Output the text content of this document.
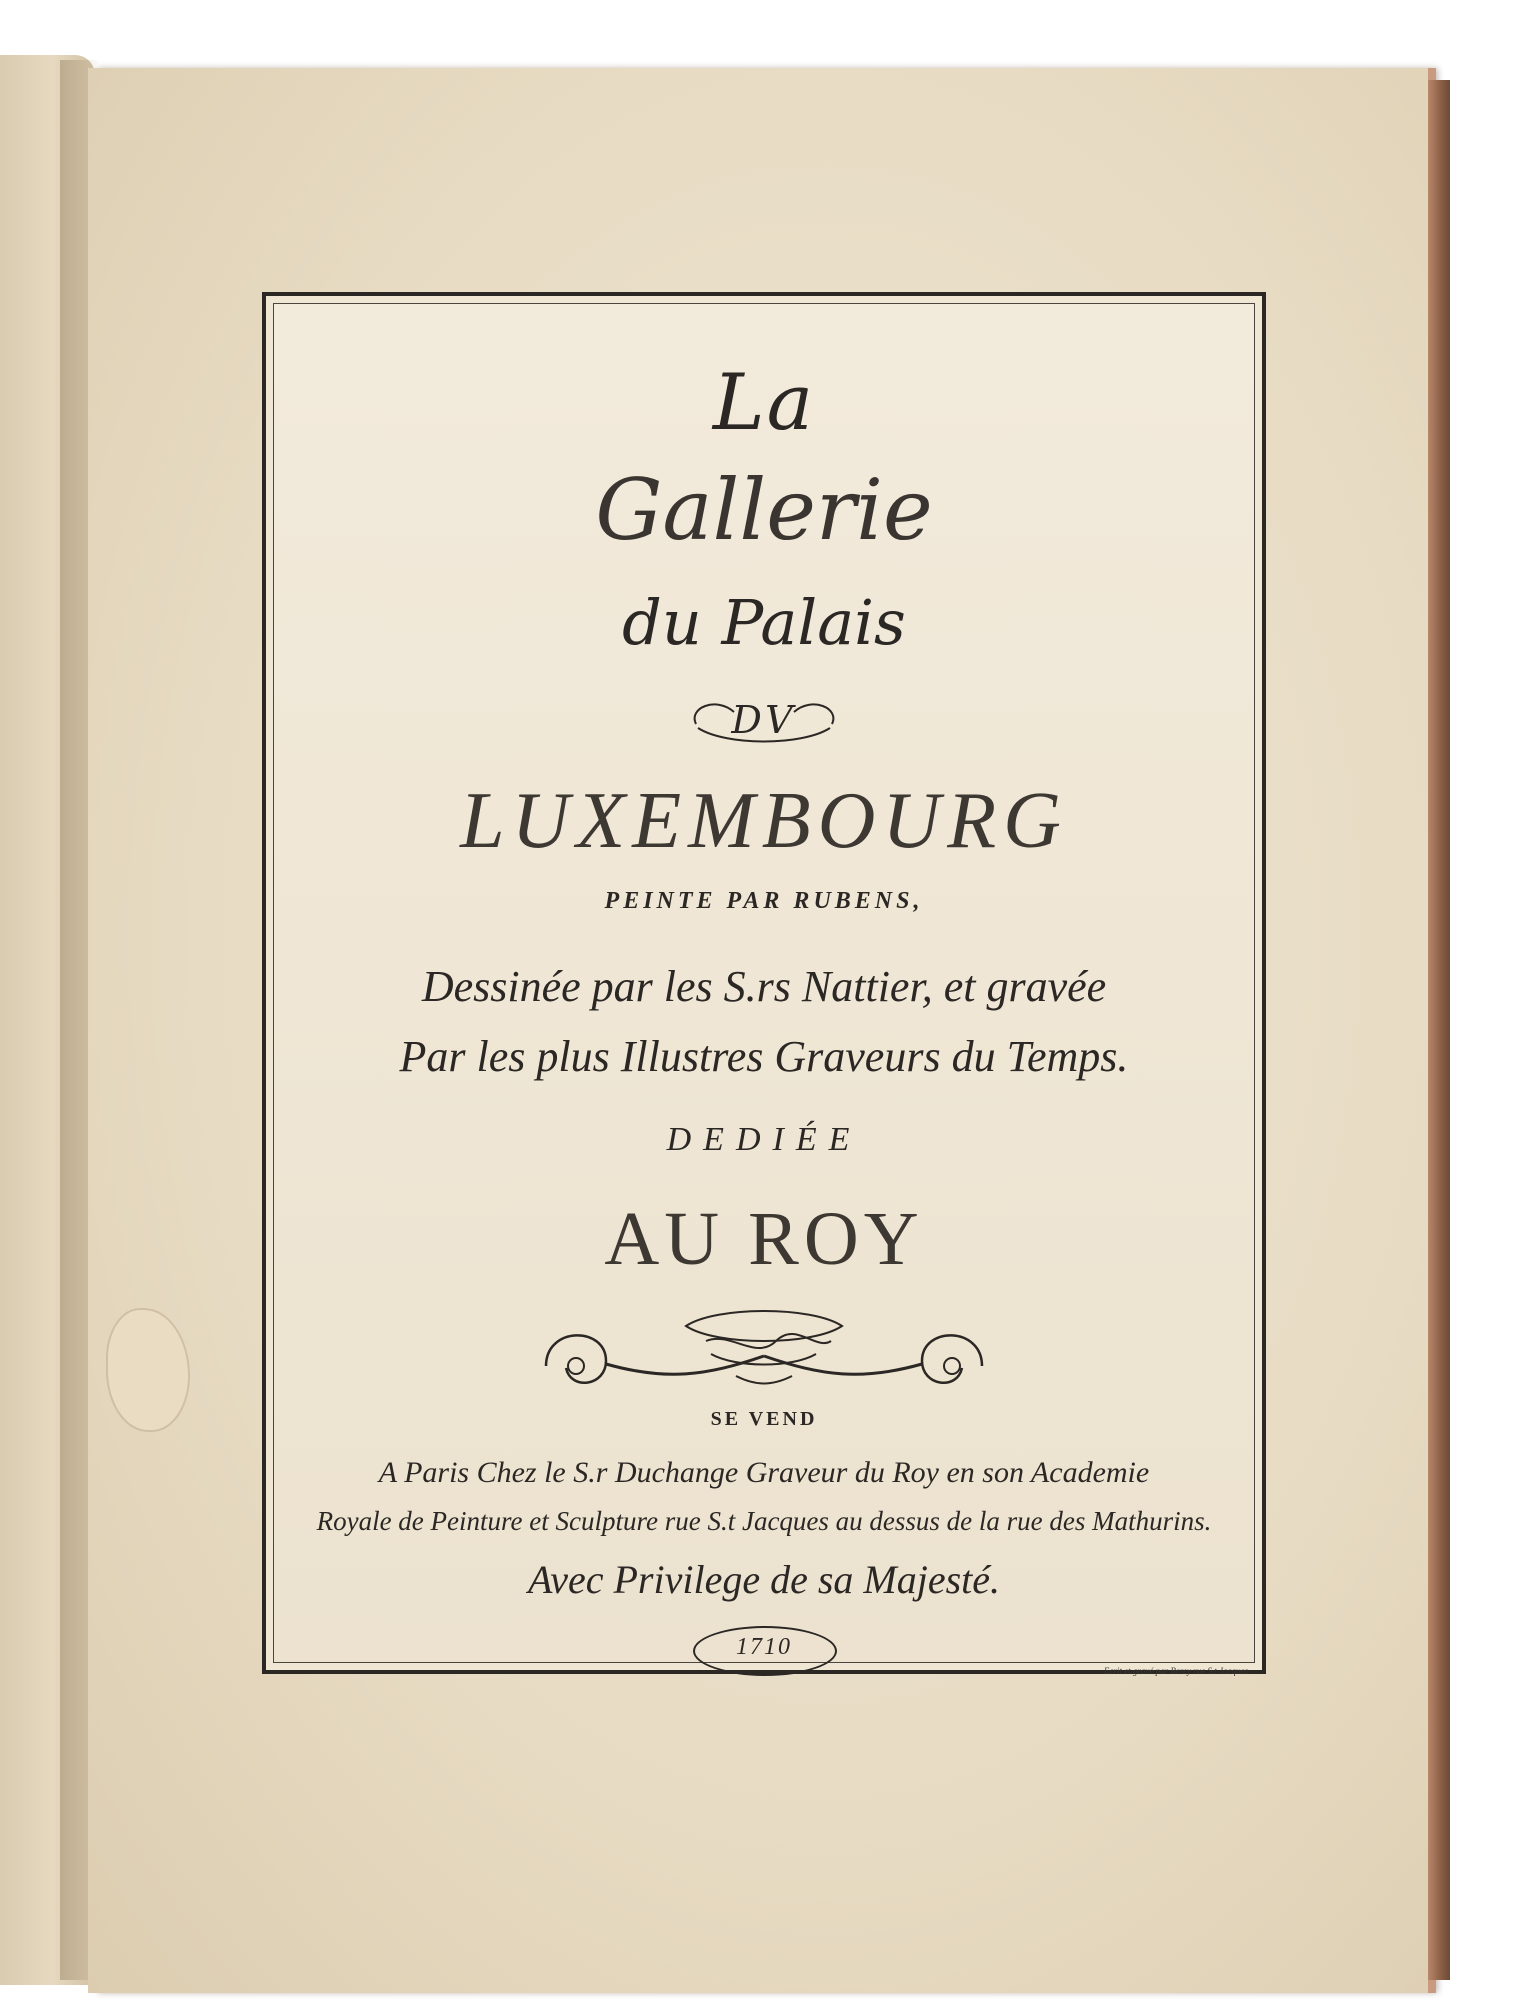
La
Gallerie
du Palais
DV
LUXEMBOURG
PEINTE PAR RUBENS,
Dessinée par les S.rs Nattier, et gravée
Par les plus Illustres Graveurs du Temps.
DEDIÉE
AU ROY
SE VEND
A Paris Chez le S.r Duchange Graveur du Roy en son Academie
Royale de Peinture et Sculpture rue S.t Jacques au dessus de la rue des Mathurins.
Avec Privilege de sa Majesté.
1710
Ecrit et gravé par Berey rue S.t Jacques
